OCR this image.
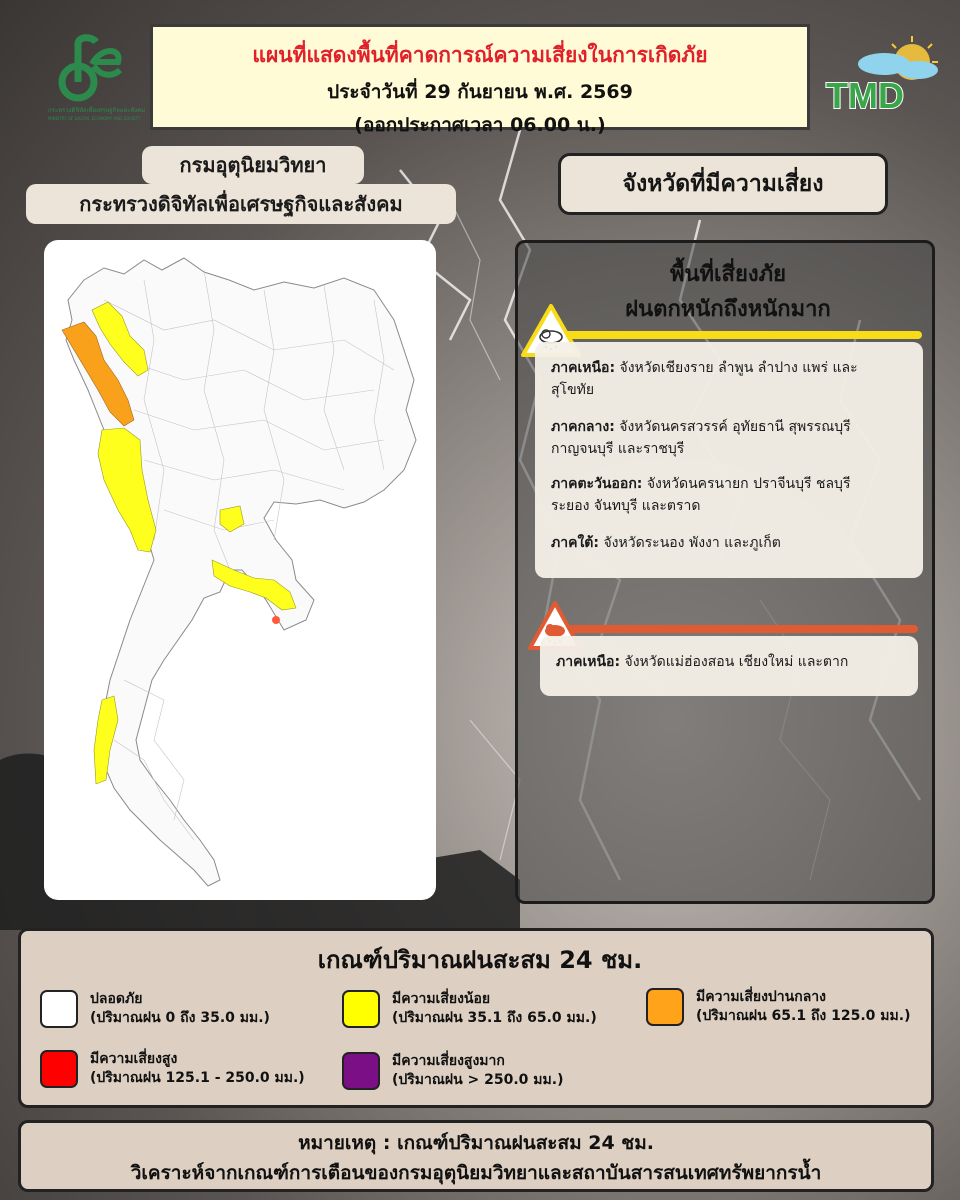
กระทรวงดิจิทัลเพื่อเศรษฐกิจและสังคม
MINISTRY OF DIGITAL ECONOMY AND SOCIETY
แผนที่แสดงพื้นที่คาดการณ์ความเสี่ยงในการเกิดภัย
ประจำวันที่ 29 กันยายน พ.ศ. 2569
(ออกประกาศเวลา 06.00 น.)
TMD
กรมอุตุนิยมวิทยา
กระทรวงดิจิทัลเพื่อเศรษฐกิจและสังคม
จังหวัดที่มีความเสี่ยง
พื้นที่เสี่ยงภัย
ฝนตกหนักถึงหนักมาก
ภาคเหนือ: จังหวัดเชียงราย ลำพูน ลำปาง แพร่ และ
สุโขทัย
ภาคกลาง: จังหวัดนครสวรรค์ อุทัยธานี สุพรรณบุรี
กาญจนบุรี และราชบุรี
ภาคตะวันออก: จังหวัดนครนายก ปราจีนบุรี ชลบุรี
ระยอง จันทบุรี และตราด
ภาคใต้: จังหวัดระนอง พังงา และภูเก็ต
ภาคเหนือ: จังหวัดแม่ฮ่องสอน เชียงใหม่ และตาก
เกณฑ์ปริมาณฝนสะสม 24 ชม.
ปลอดภัย
(ปริมาณฝน 0 ถึง 35.0 มม.)
มีความเสี่ยงน้อย
(ปริมาณฝน 35.1 ถึง 65.0 มม.)
มีความเสี่ยงปานกลาง
(ปริมาณฝน 65.1 ถึง 125.0 มม.)
มีความเสี่ยงสูง
(ปริมาณฝน 125.1 - 250.0 มม.)
มีความเสี่ยงสูงมาก
(ปริมาณฝน > 250.0 มม.)
หมายเหตุ : เกณฑ์ปริมาณฝนสะสม 24 ชม.
วิเคราะห์จากเกณฑ์การเตือนของกรมอุตุนิยมวิทยาและสถาบันสารสนเทศทรัพยากรน้ำ
